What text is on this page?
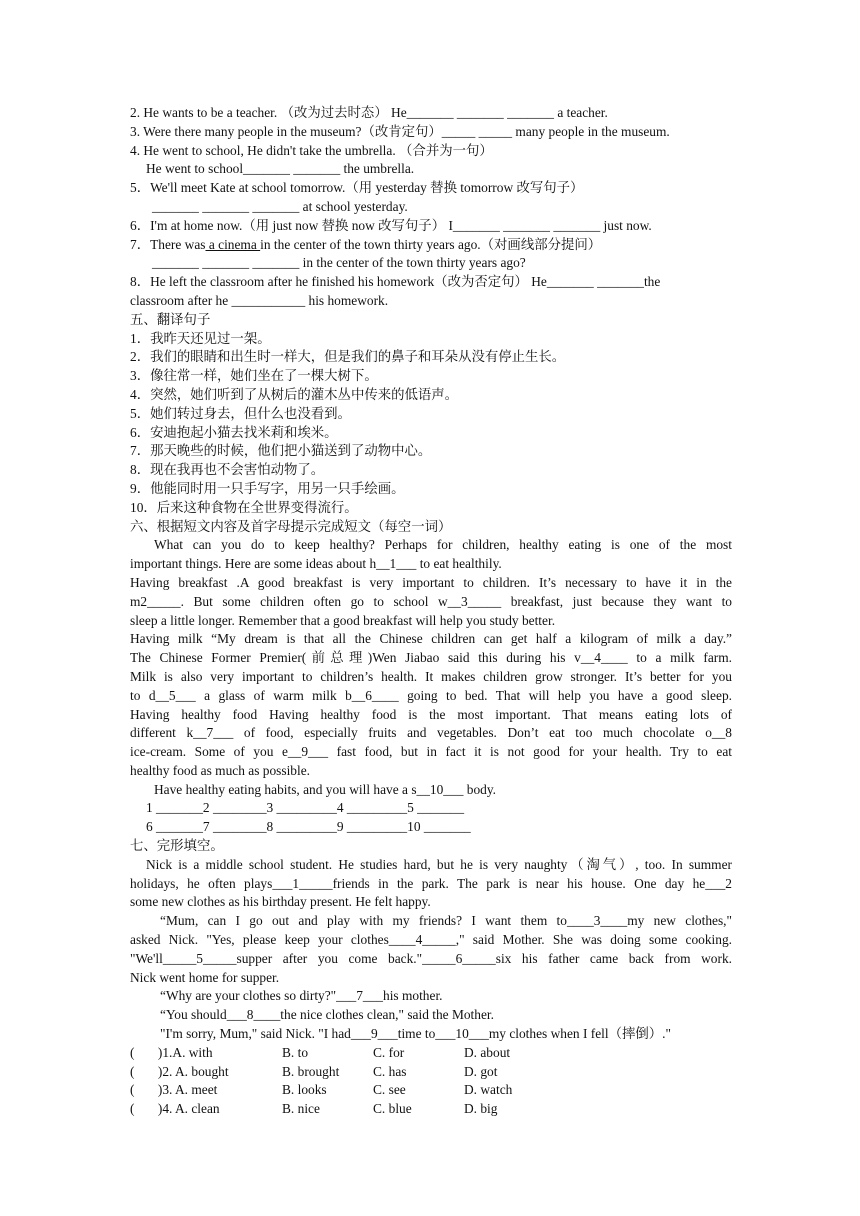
2. He wants to be a teacher. （改为过去时态） He_______ _______ _______ a teacher.
3. Were there many people in the museum?（改肯定句）_____ _____ many people in the museum.
4. He went to school, He didn't take the umbrella. （合并为一句）
He went to school_______ _______ the umbrella.
5．We'll meet Kate at school tomorrow.（用 yesterday 替换 tomorrow 改写句子）
_______ _______ _______ at school yesterday.
6．I'm at home now.（用 just now 替换 now 改写句子） I_______ _______ _______ just now.
7．There was a cinema in the center of the town thirty years ago.（对画线部分提问）
_______ _______ _______ in the center of the town thirty years ago?
8．He left the classroom after he finished his homework（改为否定句） He_______ _______the
classroom after he ___________ his homework.
五、翻译句子
1．我昨天还见过一架。
2．我们的眼睛和出生时一样大，但是我们的鼻子和耳朵从没有停止生长。
3．像往常一样，她们坐在了一棵大树下。
4．突然，她们听到了从树后的灌木丛中传来的低语声。
5．她们转过身去，但什么也没看到。
6．安迪抱起小猫去找米莉和埃米。
7．那天晚些的时候，他们把小猫送到了动物中心。
8．现在我再也不会害怕动物了。
9．他能同时用一只手写字，用另一只手绘画。
10．后来这种食物在全世界变得流行。
六、根据短文内容及首字母提示完成短文（每空一词）
What can you do to keep healthy? Perhaps for children, healthy eating is one of the most
important things. Here are some ideas about h__1___ to eat healthily.
Having breakfast .A good breakfast is very important to children. It’s necessary to have it in the
m2_____. But some children often go to school w__3_____ breakfast, just because they want to
sleep a little longer. Remember that a good breakfast will help you study better.
Having milk “My dream is that all the Chinese children can get half a kilogram of milk a day.”
The Chinese Former Premier(前总理)Wen Jiabao said this during his v__4____ to a milk farm.
Milk is also very important to children’s health. It makes children grow stronger. It’s better for you
to d__5___ a glass of warm milk b__6____ going to bed. That will help you have a good sleep.
Having healthy food Having healthy food is the most important. That means eating lots of
different k__7___ of food, especially fruits and vegetables. Don’t eat too much chocolate o__8
ice-cream. Some of you e__9___ fast food, but in fact it is not good for your health. Try to eat
healthy food as much as possible.
Have healthy eating habits, and you will have a s__10___ body.
1 _______2 ________3 _________4 _________5 _______
6 _______7 ________8 _________9 _________10 _______
七、完形填空。
Nick is a middle school student. He studies hard, but he is very naughty（淘气）, too. In summer
holidays, he often plays___1_____friends in the park. The park is near his house. One day he___2
some new clothes as his birthday present. He felt happy.
“Mum, can I go out and play with my friends? I want them to____3____my new clothes,"
asked Nick. "Yes, please keep your clothes____4_____," said Mother. She was doing some cooking.
"We'll_____5_____supper after you come back."_____6_____six his father came back from work.
Nick went home for supper.
“Why are your clothes so dirty?"___7___his mother.
“You should___8____the nice clothes clean," said the Mother.
"I'm sorry, Mum," said Nick. "I had___9___time to___10___my clothes when I fell（摔倒）."
(       )1.A. with	B. to	C. for	D. about
(       )2. A. bought	B. brought	C. has	D. got
(       )3. A. meet	B. looks	C. see	D. watch
(       )4. A. clean	B. nice	C. blue	D. big
